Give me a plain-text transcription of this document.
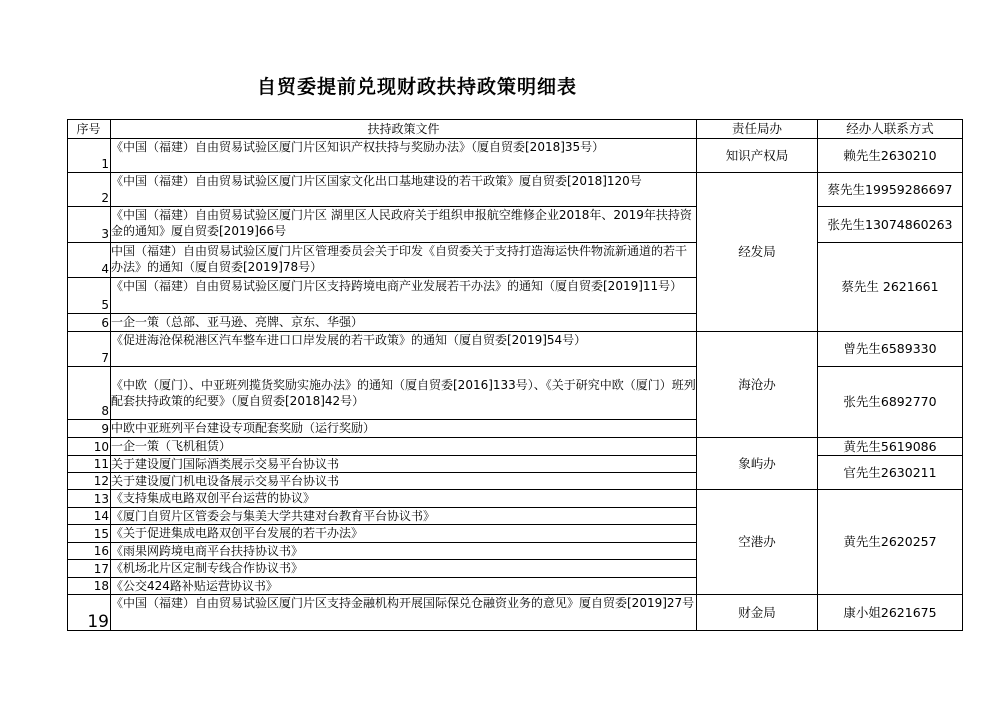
自贸委提前兑现财政扶持政策明细表
序号	扶持政策文件	责任局办	经办人联系方式
1	《中国（福建）自由贸易试验区厦门片区知识产权扶持与奖励办法》（厦自贸委[2018]35号）	知识产权局	赖先生2630210
2	《中国（福建）自由贸易试验区厦门片区国家文化出口基地建设的若干政策》厦自贸委[2018]120号	经发局	蔡先生19959286697
3	《中国（福建）自由贸易试验区厦门片区 湖里区人民政府关于组织申报航空维修企业2018年、2019年扶持资金的通知》厦自贸委[2019]66号		张先生13074860263
4	中国（福建）自由贸易试验区厦门片区管理委员会关于印发《自贸委关于支持打造海运快件物流新通道的若干办法》的通知（厦自贸委[2019]78号）		蔡先生 2621661
5	《中国（福建）自由贸易试验区厦门片区支持跨境电商产业发展若干办法》的通知（厦自贸委[2019]11号）		
6	一企一策（总部、亚马逊、亮牌、京东、华强）		
7	《促进海沧保税港区汽车整车进口口岸发展的若干政策》的通知（厦自贸委[2019]54号）	海沧办	曾先生6589330
8	《中欧（厦门）、中亚班列揽货奖励实施办法》的通知（厦自贸委[2016]133号）、《关于研究中欧（厦门）班列配套扶持政策的纪要》（厦自贸委[2018]42号）		张先生6892770
9	中欧中亚班列平台建设专项配套奖励（运行奖励）		
10	一企一策（飞机租赁）	象屿办	黄先生5619086
11	关于建设厦门国际酒类展示交易平台协议书		官先生2630211
12	关于建设厦门机电设备展示交易平台协议书		
13	《支持集成电路双创平台运营的协议》	空港办	黄先生2620257
14	《厦门自贸片区管委会与集美大学共建对台教育平台协议书》		
15	《关于促进集成电路双创平台发展的若干办法》		
16	《雨果网跨境电商平台扶持协议书》		
17	《机场北片区定制专线合作协议书》		
18	《公交424路补贴运营协议书》		
19	《中国（福建）自由贸易试验区厦门片区支持金融机构开展国际保兑仓融资业务的意见》厦自贸委[2019]27号	财金局	康小姐2621675
